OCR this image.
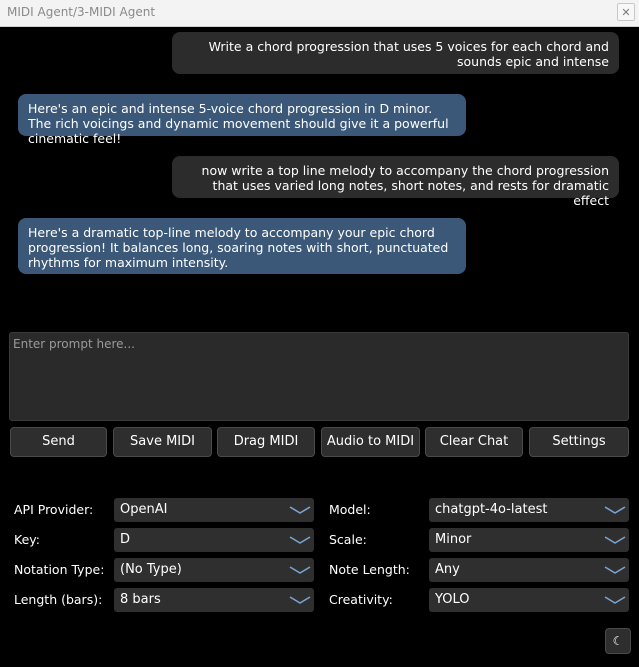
MIDI Agent/3-MIDI Agent	✕
Write a chord progression that uses 5 voices for each chord and sounds epic and intense
Here's an epic and intense 5-voice chord progression in D minor. The rich voicings and dynamic movement should give it a powerful cinematic feel!
now write a top line melody to accompany the chord progression that uses varied long notes, short notes, and rests for dramatic effect
Here's a dramatic top-line melody to accompany your epic chord progression! It balances long, soaring notes with short, punctuated rhythms for maximum intensity.
Enter prompt here...
Send	Save MIDI	Drag MIDI	Audio to MIDI	Clear Chat	Settings
API Provider:	OpenAI	Model:	chatgpt-4o-latest
Key:	D	Scale:	Minor
Notation Type:	(No Type)	Note Length:	Any
Length (bars):	8 bars	Creativity:	YOLO
☾
